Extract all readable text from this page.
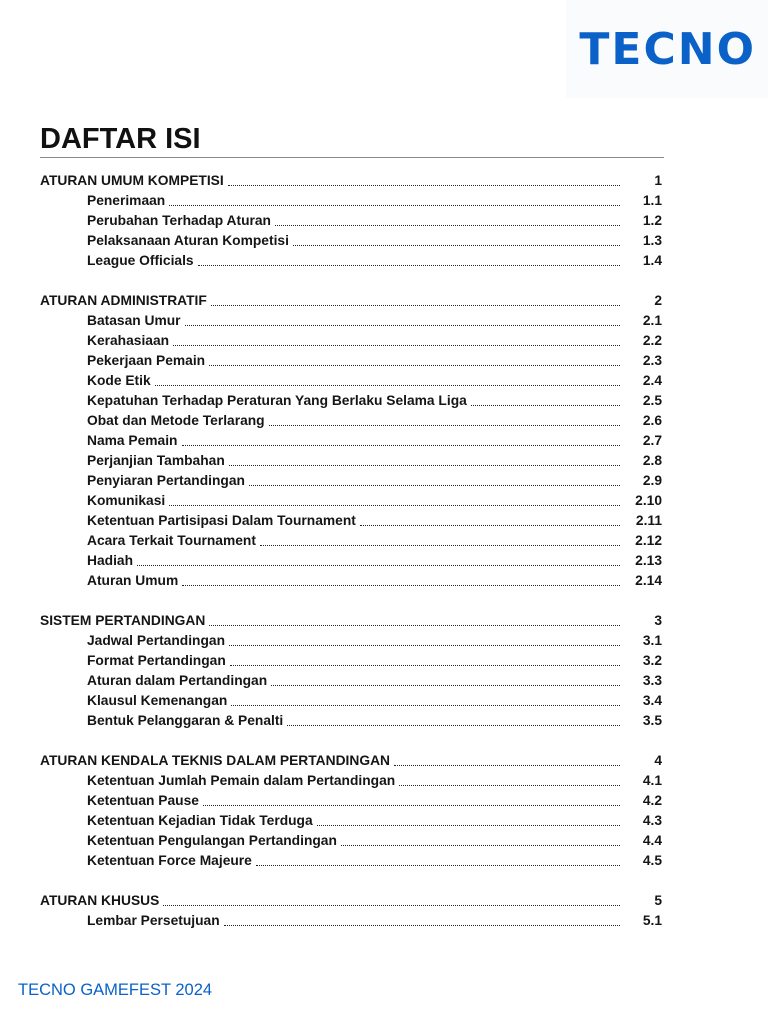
TECNO
DAFTAR ISI
ATURAN UMUM KOMPETISI	1
Penerimaan	1.1
Perubahan Terhadap Aturan	1.2
Pelaksanaan Aturan Kompetisi	1.3
League Officials	1.4
ATURAN ADMINISTRATIF	2
Batasan Umur	2.1
Kerahasiaan	2.2
Pekerjaan Pemain	2.3
Kode Etik	2.4
Kepatuhan Terhadap Peraturan Yang Berlaku Selama Liga	2.5
Obat dan Metode Terlarang	2.6
Nama Pemain	2.7
Perjanjian Tambahan	2.8
Penyiaran Pertandingan	2.9
Komunikasi	2.10
Ketentuan Partisipasi Dalam Tournament	2.11
Acara Terkait Tournament	2.12
Hadiah	2.13
Aturan Umum	2.14
SISTEM PERTANDINGAN	3
Jadwal Pertandingan	3.1
Format Pertandingan	3.2
Aturan dalam Pertandingan	3.3
Klausul Kemenangan	3.4
Bentuk Pelanggaran & Penalti	3.5
ATURAN KENDALA TEKNIS DALAM PERTANDINGAN	4
Ketentuan Jumlah Pemain dalam Pertandingan	4.1
Ketentuan Pause	4.2
Ketentuan Kejadian Tidak Terduga	4.3
Ketentuan Pengulangan Pertandingan	4.4
Ketentuan Force Majeure	4.5
ATURAN KHUSUS	5
Lembar Persetujuan	5.1
TECNO GAMEFEST 2024
